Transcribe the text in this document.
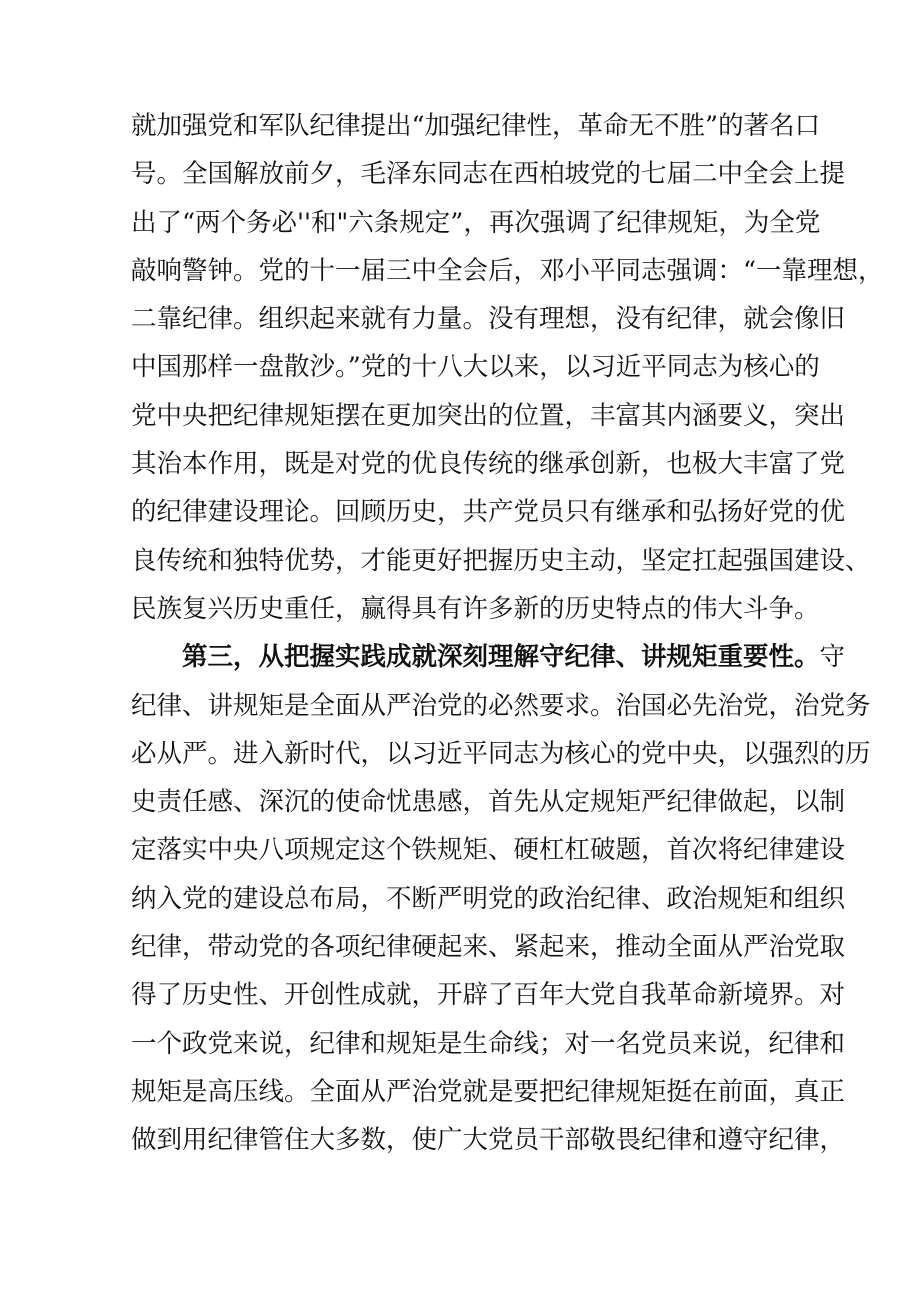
就加强党和军队纪律提出“加强纪律性，革命无不胜”的著名口
号。全国解放前夕，毛泽东同志在西柏坡党的七届二中全会上提
出了“两个务必''和"六条规定”，再次强调了纪律规矩，为全党
敲响警钟。党的十一届三中全会后，邓小平同志强调：“一靠理想，
二靠纪律。组织起来就有力量。没有理想，没有纪律，就会像旧
中国那样一盘散沙。”党的十八大以来，以习近平同志为核心的
党中央把纪律规矩摆在更加突出的位置，丰富其内涵要义，突出
其治本作用，既是对党的优良传统的继承创新，也极大丰富了党
的纪律建设理论。回顾历史，共产党员只有继承和弘扬好党的优
良传统和独特优势，才能更好把握历史主动，坚定扛起强国建设、
民族复兴历史重任，赢得具有许多新的历史特点的伟大斗争。
第三，从把握实践成就深刻理解守纪律、讲规矩重要性。守
纪律、讲规矩是全面从严治党的必然要求。治国必先治党，治党务
必从严。进入新时代，以习近平同志为核心的党中央，以强烈的历
史责任感、深沉的使命忧患感，首先从定规矩严纪律做起，以制
定落实中央八项规定这个铁规矩、硬杠杠破题，首次将纪律建设
纳入党的建设总布局，不断严明党的政治纪律、政治规矩和组织
纪律，带动党的各项纪律硬起来、紧起来，推动全面从严治党取
得了历史性、开创性成就，开辟了百年大党自我革命新境界。对
一个政党来说，纪律和规矩是生命线；对一名党员来说，纪律和
规矩是高压线。全面从严治党就是要把纪律规矩挺在前面，真正
做到用纪律管住大多数，使广大党员干部敬畏纪律和遵守纪律，
